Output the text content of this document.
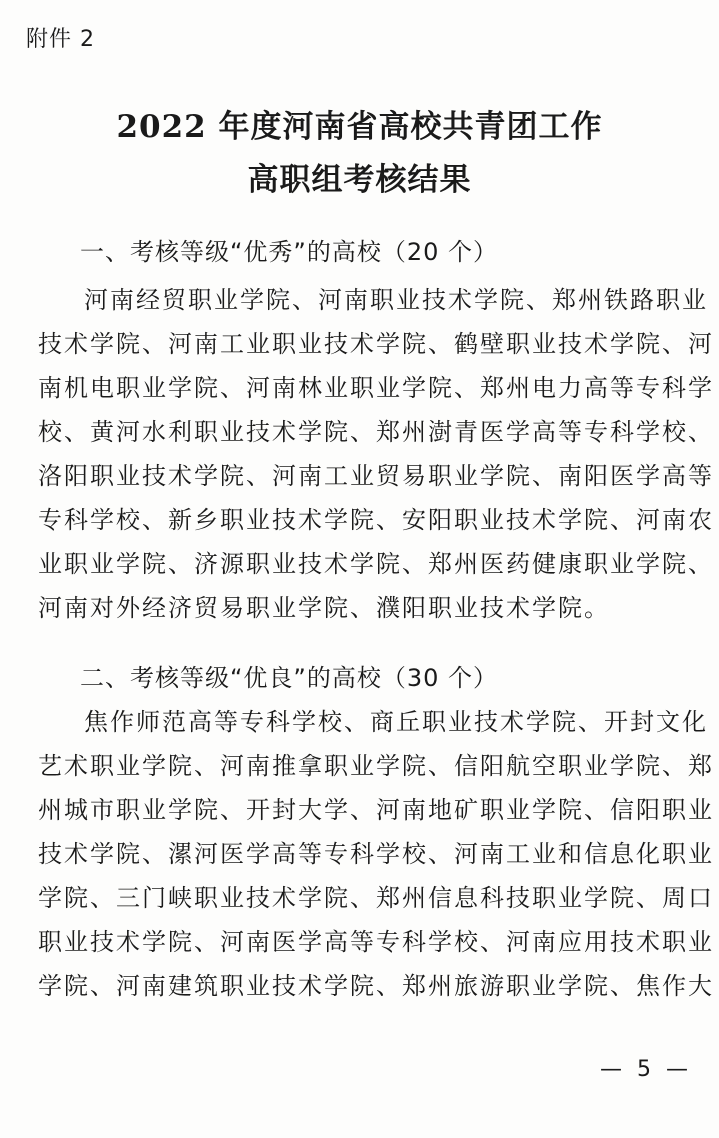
附件 2
2022 年度河南省高校共青团工作
高职组考核结果
一、考核等级“优秀”的高校（20 个）
河南经贸职业学院、河南职业技术学院、郑州铁路职业
技术学院、河南工业职业技术学院、鹤壁职业技术学院、河
南机电职业学院、河南林业职业学院、郑州电力高等专科学
校、黄河水利职业技术学院、郑州澍青医学高等专科学校、
洛阳职业技术学院、河南工业贸易职业学院、南阳医学高等
专科学校、新乡职业技术学院、安阳职业技术学院、河南农
业职业学院、济源职业技术学院、郑州医药健康职业学院、
河南对外经济贸易职业学院、濮阳职业技术学院。
二、考核等级“优良”的高校（30 个）
焦作师范高等专科学校、商丘职业技术学院、开封文化
艺术职业学院、河南推拿职业学院、信阳航空职业学院、郑
州城市职业学院、开封大学、河南地矿职业学院、信阳职业
技术学院、漯河医学高等专科学校、河南工业和信息化职业
学院、三门峡职业技术学院、郑州信息科技职业学院、周口
职业技术学院、河南医学高等专科学校、河南应用技术职业
学院、河南建筑职业技术学院、郑州旅游职业学院、焦作大
— 5 —
